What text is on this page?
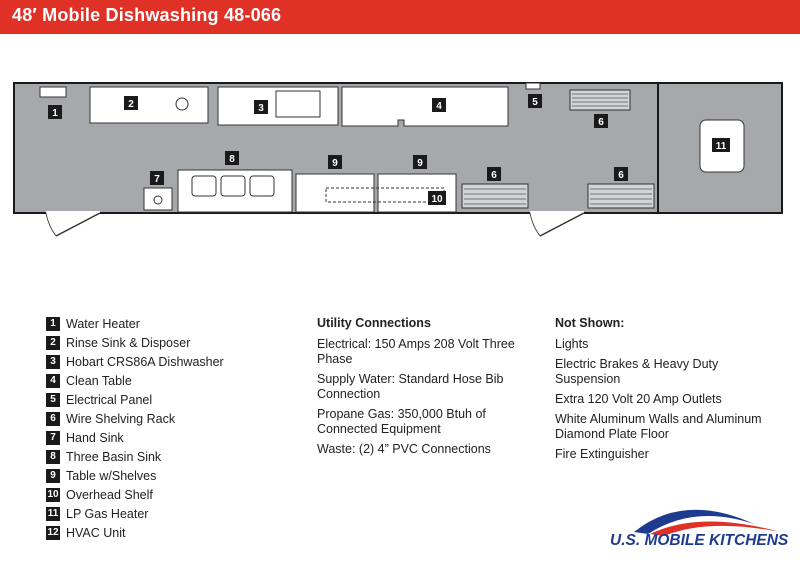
48′ Mobile Dishwashing 48-066
1
2	3	4	5
6
6	6
7
8	9	9
10
11
1 Water Heater
2 Rinse Sink & Disposer
3 Hobart CRS86A Dishwasher
4 Clean Table
5 Electrical Panel
6 Wire Shelving Rack
7 Hand Sink
8 Three Basin Sink
9 Table w/Shelves
10 Overhead Shelf
11 LP Gas Heater
12 HVAC Unit
Utility Connections
Electrical: 150 Amps 208 Volt Three Phase
Supply Water: Standard Hose Bib Connection
Propane Gas: 350,000 Btuh of Connected Equipment
Waste: (2) 4” PVC Connections
Not Shown:
Lights
Electric Brakes & Heavy Duty Suspension
Extra 120 Volt 20 Amp Outlets
White Aluminum Walls and Aluminum Diamond Plate Floor
Fire Extinguisher
U.S. MOBILE KITCHENS
